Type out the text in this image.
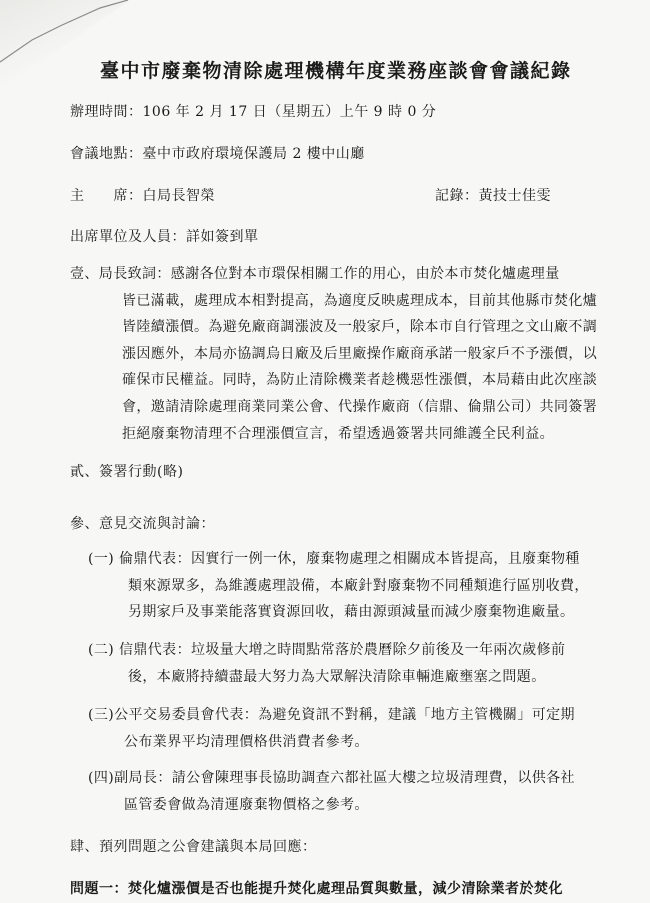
臺中市廢棄物清除處理機構年度業務座談會會議紀錄
辦理時間：106 年 2 月 17 日（星期五）上午 9 時 0 分
會議地點：臺中市政府環境保護局 2 樓中山廳
主　　席：白局長智榮	記錄：黃技士佳雯
出席單位及人員：詳如簽到單
壹、局長致詞：感謝各位對本市環保相關工作的用心，由於本市焚化爐處理量
皆已滿載，處理成本相對提高，為適度反映處理成本，目前其他縣市焚化爐
皆陸續漲價。為避免廠商調漲波及一般家戶，除本市自行管理之文山廠不調
漲因應外，本局亦協調烏日廠及后里廠操作廠商承諾一般家戶不予漲價，以
確保市民權益。同時，為防止清除機業者趁機惡性漲價，本局藉由此次座談
會，邀請清除處理商業同業公會、代操作廠商（信鼎、倫鼎公司）共同簽署
拒絕廢棄物清理不合理漲價宣言，希望透過簽署共同維護全民利益。
貳、簽署行動(略)
參、意見交流與討論：
(一) 倫鼎代表：因實行一例一休，廢棄物處理之相關成本皆提高，且廢棄物種
類來源眾多，為維護處理設備，本廠針對廢棄物不同種類進行區別收費，
另期家戶及事業能落實資源回收，藉由源頭減量而減少廢棄物進廠量。
(二) 信鼎代表：垃圾量大增之時間點常落於農曆除夕前後及一年兩次歲修前
後，本廠將持續盡最大努力為大眾解決清除車輛進廠壅塞之問題。
(三)公平交易委員會代表：為避免資訊不對稱，建議「地方主管機關」可定期
公布業界平均清理價格供消費者參考。
(四)副局長：請公會陳理事長協助調查六都社區大樓之垃圾清理費，以供各社
區管委會做為清運廢棄物價格之參考。
肆、預列問題之公會建議與本局回應：
問題一：焚化爐漲價是否也能提升焚化處理品質與數量，減少清除業者於焚化
